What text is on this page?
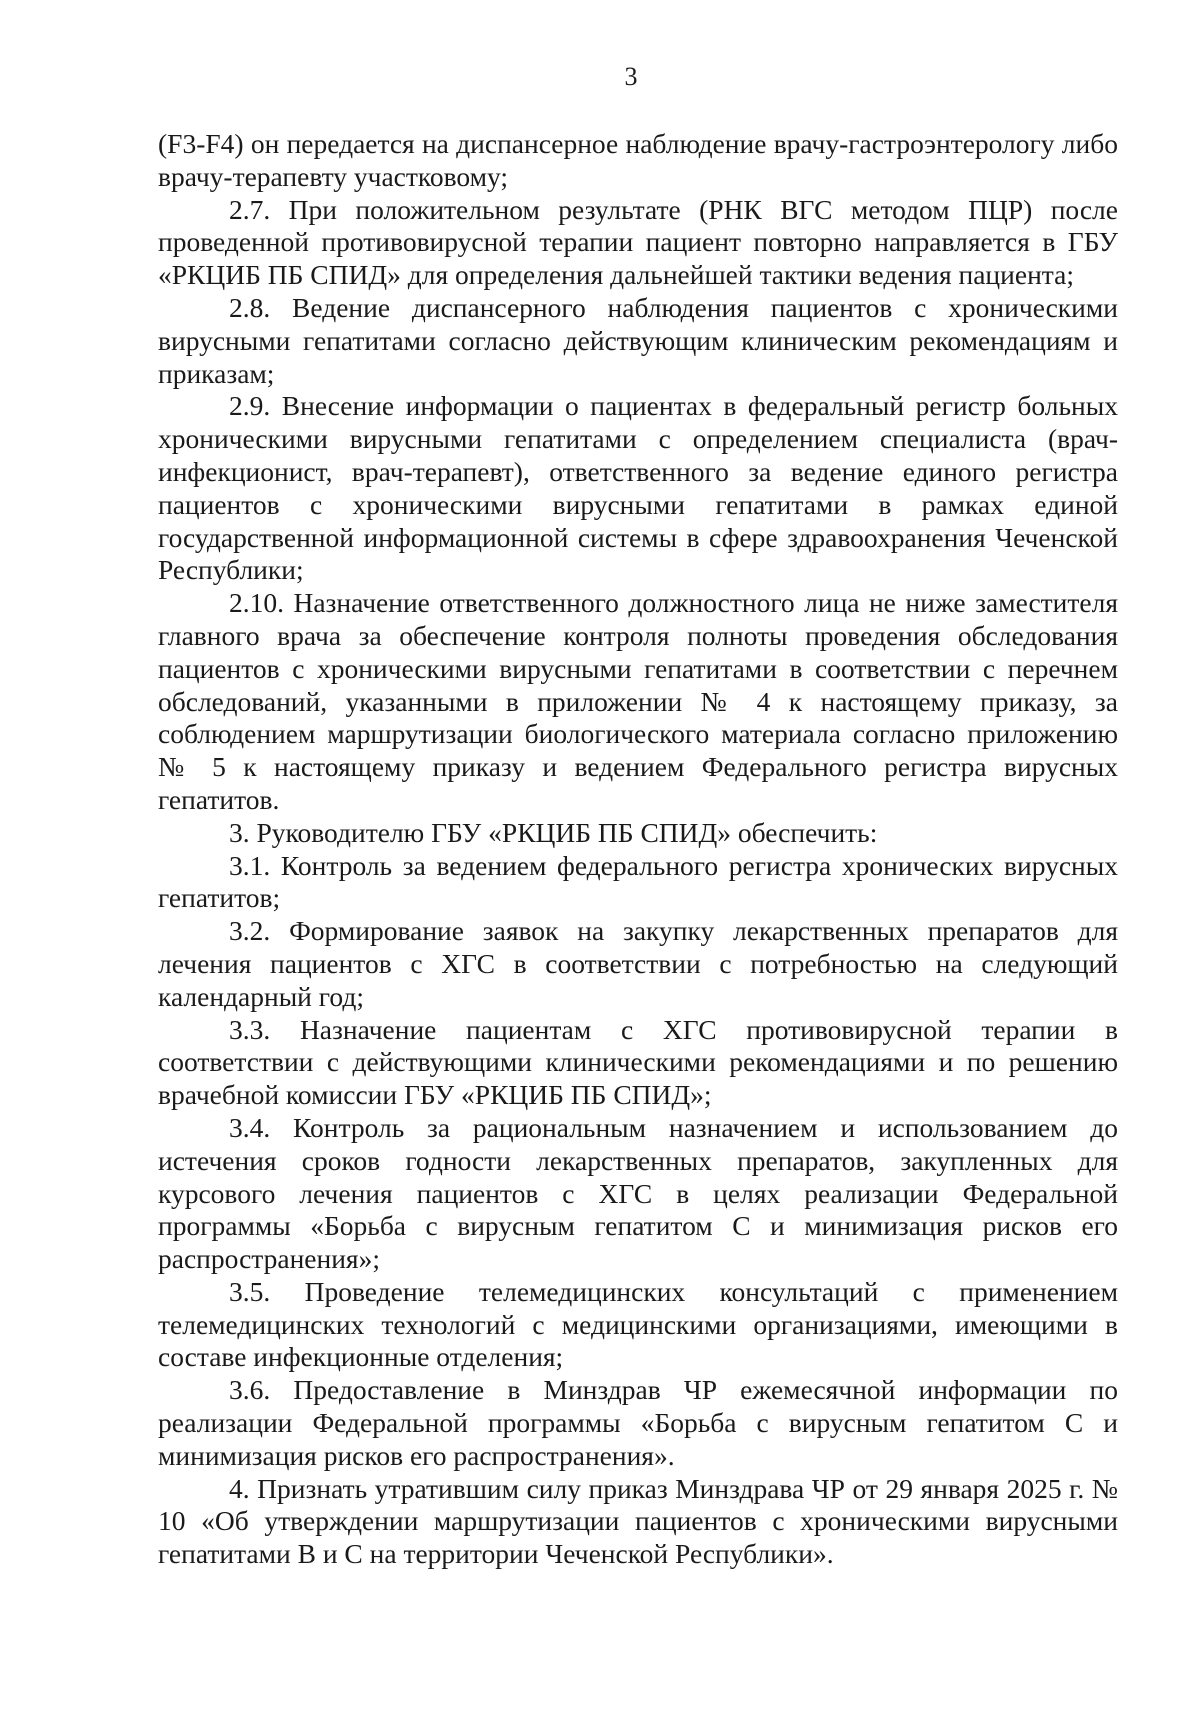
3

(F3-F4) он передается на диспансерное наблюдение врачу-гастроэнтерологу либо врачу-терапевту участковому;

2.7. При положительном результате (РНК ВГС методом ПЦР) после проведенной противовирусной терапии пациент повторно направляется в ГБУ «РКЦИБ ПБ СПИД» для определения дальнейшей тактики ведения пациента;

2.8. Ведение диспансерного наблюдения пациентов с хроническими вирусными гепатитами согласно действующим клиническим рекомендациям и приказам;

2.9. Внесение информации о пациентах в федеральный регистр больных хроническими вирусными гепатитами с определением специалиста (врач-инфекционист, врач-терапевт), ответственного за ведение единого регистра пациентов с хроническими вирусными гепатитами в рамках единой государственной информационной системы в сфере здравоохранения Чеченской Республики;

2.10. Назначение ответственного должностного лица не ниже заместителя главного врача за обеспечение контроля полноты проведения обследования пациентов с хроническими вирусными гепатитами в соответствии с перечнем обследований, указанными в приложении № 4 к настоящему приказу, за соблюдением маршрутизации биологического материала согласно приложению № 5 к настоящему приказу и ведением Федерального регистра вирусных гепатитов.

3. Руководителю ГБУ «РКЦИБ ПБ СПИД» обеспечить:

3.1. Контроль за ведением федерального регистра хронических вирусных гепатитов;

3.2. Формирование заявок на закупку лекарственных препаратов для лечения пациентов с ХГС в соответствии с потребностью на следующий календарный год;

3.3. Назначение пациентам с ХГС противовирусной терапии в соответствии с действующими клиническими рекомендациями и по решению врачебной комиссии ГБУ «РКЦИБ ПБ СПИД»;

3.4. Контроль за рациональным назначением и использованием до истечения сроков годности лекарственных препаратов, закупленных для курсового лечения пациентов с ХГС в целях реализации Федеральной программы «Борьба с вирусным гепатитом С и минимизация рисков его распространения»;

3.5. Проведение телемедицинских консультаций с применением телемедицинских технологий с медицинскими организациями, имеющими в составе инфекционные отделения;

3.6. Предоставление в Минздрав ЧР ежемесячной информации по реализации Федеральной программы «Борьба с вирусным гепатитом С и минимизация рисков его распространения».

4. Признать утратившим силу приказ Минздрава ЧР от 29 января 2025 г. № 10 «Об утверждении маршрутизации пациентов с хроническими вирусными гепатитами В и С на территории Чеченской Республики».
